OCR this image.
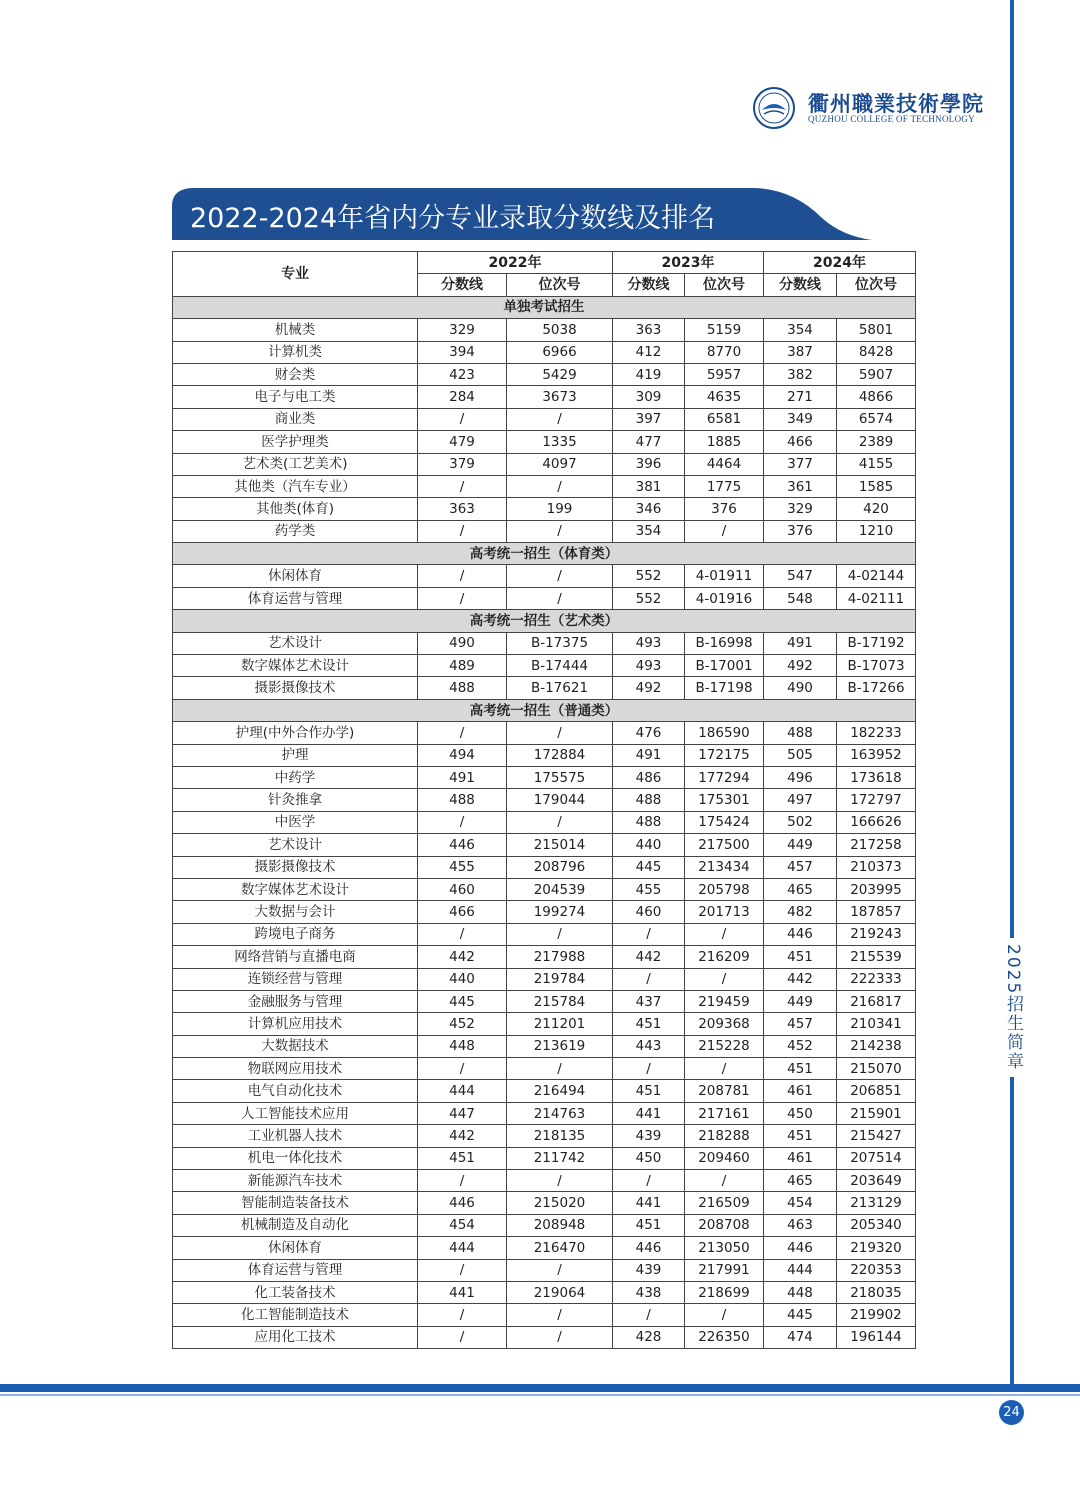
衢州職業技術學院
QUZHOU COLLEGE OF TECHNOLOGY
2022-2024年省内分专业录取分数线及排名
专业	2022年		2023年		2024年	
	分数线	位次号	分数线	位次号	分数线	位次号
单独考试招生						
机械类	329	5038	363	5159	354	5801
计算机类	394	6966	412	8770	387	8428
财会类	423	5429	419	5957	382	5907
电子与电工类	284	3673	309	4635	271	4866
商业类	/	/	397	6581	349	6574
医学护理类	479	1335	477	1885	466	2389
艺术类(工艺美术)	379	4097	396	4464	377	4155
其他类（汽车专业）	/	/	381	1775	361	1585
其他类(体育)	363	199	346	376	329	420
药学类	/	/	354	/	376	1210
高考统一招生（体育类）						
休闲体育	/	/	552	4-01911	547	4-02144
体育运营与管理	/	/	552	4-01916	548	4-02111
高考统一招生（艺术类）						
艺术设计	490	B-17375	493	B-16998	491	B-17192
数字媒体艺术设计	489	B-17444	493	B-17001	492	B-17073
摄影摄像技术	488	B-17621	492	B-17198	490	B-17266
高考统一招生（普通类）						
护理(中外合作办学)	/	/	476	186590	488	182233
护理	494	172884	491	172175	505	163952
中药学	491	175575	486	177294	496	173618
针灸推拿	488	179044	488	175301	497	172797
中医学	/	/	488	175424	502	166626
艺术设计	446	215014	440	217500	449	217258
摄影摄像技术	455	208796	445	213434	457	210373
数字媒体艺术设计	460	204539	455	205798	465	203995
大数据与会计	466	199274	460	201713	482	187857
跨境电子商务	/	/	/	/	446	219243
网络营销与直播电商	442	217988	442	216209	451	215539
连锁经营与管理	440	219784	/	/	442	222333
金融服务与管理	445	215784	437	219459	449	216817
计算机应用技术	452	211201	451	209368	457	210341
大数据技术	448	213619	443	215228	452	214238
物联网应用技术	/	/	/	/	451	215070
电气自动化技术	444	216494	451	208781	461	206851
人工智能技术应用	447	214763	441	217161	450	215901
工业机器人技术	442	218135	439	218288	451	215427
机电一体化技术	451	211742	450	209460	461	207514
新能源汽车技术	/	/	/	/	465	203649
智能制造装备技术	446	215020	441	216509	454	213129
机械制造及自动化	454	208948	451	208708	463	205340
休闲体育	444	216470	446	213050	446	219320
体育运营与管理	/	/	439	217991	444	220353
化工装备技术	441	219064	438	218699	448	218035
化工智能制造技术	/	/	/	/	445	219902
应用化工技术	/	/	428	226350	474	196144
2025招生简章
24
